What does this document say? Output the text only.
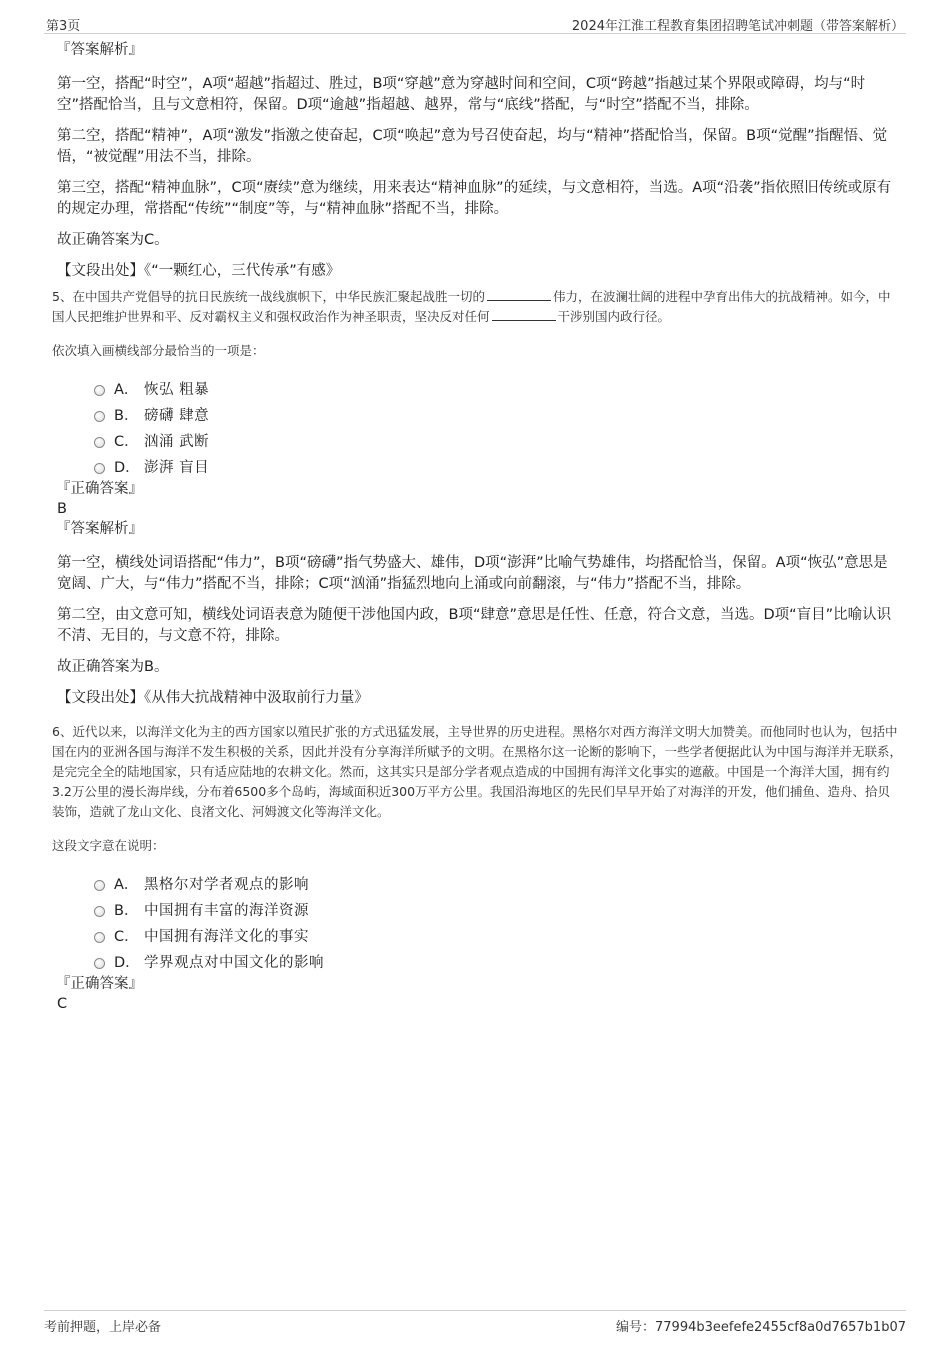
第3页	2024年江淮工程教育集团招聘笔试冲刺题（带答案解析）
『答案解析』
第一空，搭配“时空”，A项“超越”指超过、胜过，B项“穿越”意为穿越时间和空间，C项“跨越”指越过某个界限或障碍，均与“时空”搭配恰当，且与文意相符，保留。D项“逾越”指超越、越界，常与“底线”搭配，与“时空”搭配不当，排除。
第二空，搭配“精神”，A项“激发”指激之使奋起，C项“唤起”意为号召使奋起，均与“精神”搭配恰当，保留。B项“觉醒”指醒悟、觉悟，“被觉醒”用法不当，排除。
第三空，搭配“精神血脉”，C项“赓续”意为继续，用来表达“精神血脉”的延续，与文意相符，当选。A项“沿袭”指依照旧传统或原有的规定办理，常搭配“传统”“制度”等，与“精神血脉”搭配不当，排除。
故正确答案为C。
【文段出处】《“一颗红心，三代传承”有感》
5、在中国共产党倡导的抗日民族统一战线旗帜下，中华民族汇聚起战胜一切的	伟力，在波澜壮阔的进程中孕育出伟大的抗战精神。如今，中国人民把维护世界和平、反对霸权主义和强权政治作为神圣职责，坚决反对任何	干涉别国内政行径。
依次填入画横线部分最恰当的一项是：
A． 恢弘 粗暴
B． 磅礴 肆意
C． 汹涌 武断
D． 澎湃 盲目
『正确答案』
B
『答案解析』
第一空，横线处词语搭配“伟力”，B项“磅礴”指气势盛大、雄伟，D项“澎湃”比喻气势雄伟，均搭配恰当，保留。A项“恢弘”意思是宽阔、广大，与“伟力”搭配不当，排除；C项“汹涌”指猛烈地向上涌或向前翻滚，与“伟力”搭配不当，排除。
第二空，由文意可知，横线处词语表意为随便干涉他国内政，B项“肆意”意思是任性、任意，符合文意，当选。D项“盲目”比喻认识不清、无目的，与文意不符，排除。
故正确答案为B。
【文段出处】《从伟大抗战精神中汲取前行力量》
6、近代以来，以海洋文化为主的西方国家以殖民扩张的方式迅猛发展，主导世界的历史进程。黑格尔对西方海洋文明大加赞美。而他同时也认为，包括中国在内的亚洲各国与海洋不发生积极的关系，因此并没有分享海洋所赋予的文明。在黑格尔这一论断的影响下，一些学者便据此认为中国与海洋并无联系，是完完全全的陆地国家，只有适应陆地的农耕文化。然而，这其实只是部分学者观点造成的中国拥有海洋文化事实的遮蔽。中国是一个海洋大国，拥有约3.2万公里的漫长海岸线，分布着6500多个岛屿，海域面积近300万平方公里。我国沿海地区的先民们早早开始了对海洋的开发，他们捕鱼、造舟、拾贝装饰，造就了龙山文化、良渚文化、河姆渡文化等海洋文化。
这段文字意在说明：
A． 黑格尔对学者观点的影响
B． 中国拥有丰富的海洋资源
C． 中国拥有海洋文化的事实
D． 学界观点对中国文化的影响
『正确答案』
C
考前押题，上岸必备	编号：77994b3eefefe2455cf8a0d7657b1b07
